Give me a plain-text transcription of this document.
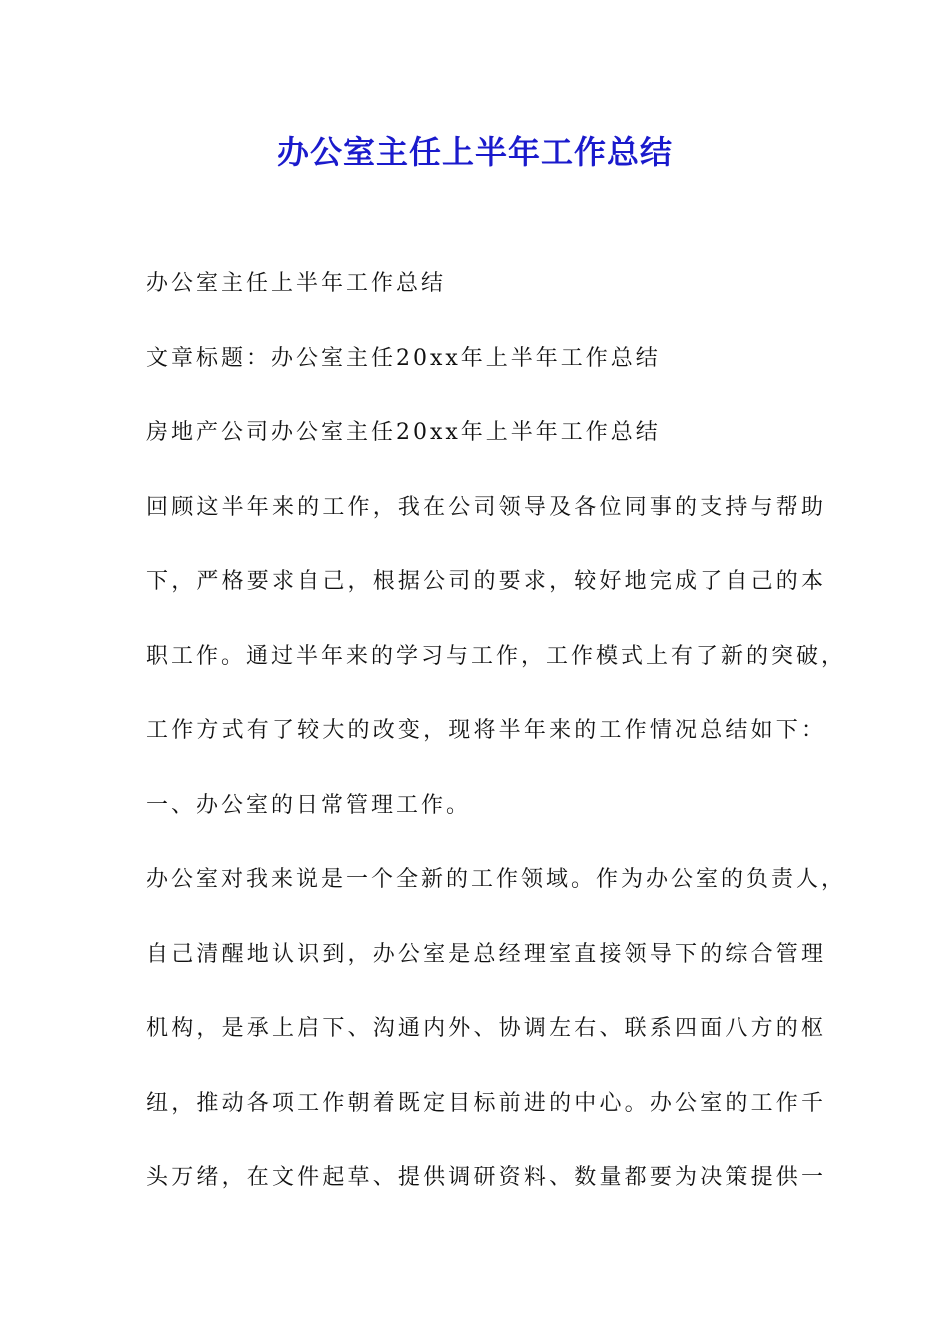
办公室主任上半年工作总结
办公室主任上半年工作总结
文章标题：办公室主任20xx年上半年工作总结
房地产公司办公室主任20xx年上半年工作总结
回顾这半年来的工作，我在公司领导及各位同事的支持与帮助
下，严格要求自己，根据公司的要求，较好地完成了自己的本
职工作。通过半年来的学习与工作，工作模式上有了新的突破，
工作方式有了较大的改变，现将半年来的工作情况总结如下：
一、办公室的日常管理工作。
办公室对我来说是一个全新的工作领域。作为办公室的负责人，
自己清醒地认识到，办公室是总经理室直接领导下的综合管理
机构，是承上启下、沟通内外、协调左右、联系四面八方的枢
纽，推动各项工作朝着既定目标前进的中心。办公室的工作千
头万绪，在文件起草、提供调研资料、数量都要为决策提供一
